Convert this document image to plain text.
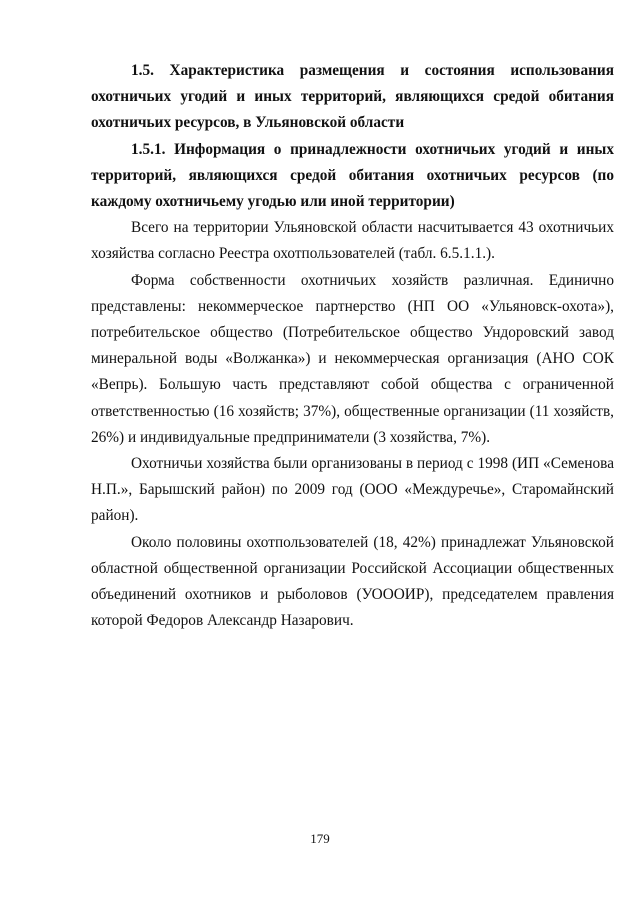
1.5. Характеристика размещения и состояния использования охотничьих угодий и иных территорий, являющихся средой обитания охотничьих ресурсов, в Ульяновской области

1.5.1. Информация о принадлежности охотничьих угодий и иных территорий, являющихся средой обитания охотничьих ресурсов (по каждому охотничьему угодью или иной территории)

Всего на территории Ульяновской области насчитывается 43 охотничьих хозяйства согласно Реестра охотпользователей (табл. 6.5.1.1.).

Форма собственности охотничьих хозяйств различная. Единично представлены: некоммерческое партнерство (НП ОО «Ульяновск-охота»), потребительское общество (Потребительское общество Ундоровский завод минеральной воды «Волжанка») и некоммерческая организация (АНО СОК «Вепрь). Большую часть представляют собой общества с ограниченной ответственностью (16 хозяйств; 37%), общественные организации (11 хозяйств, 26%) и индивидуальные предприниматели (3 хозяйства, 7%).

Охотничьи хозяйства были организованы в период с 1998 (ИП «Семенова Н.П.», Барышский район) по 2009 год (ООО «Междуречье», Старомайнский район).

Около половины охотпользователей (18, 42%) принадлежат Ульяновской областной общественной организации Российской Ассоциации общественных объединений охотников и рыболовов (УОООИР), председателем правления которой Федоров Александр Назарович.

179
